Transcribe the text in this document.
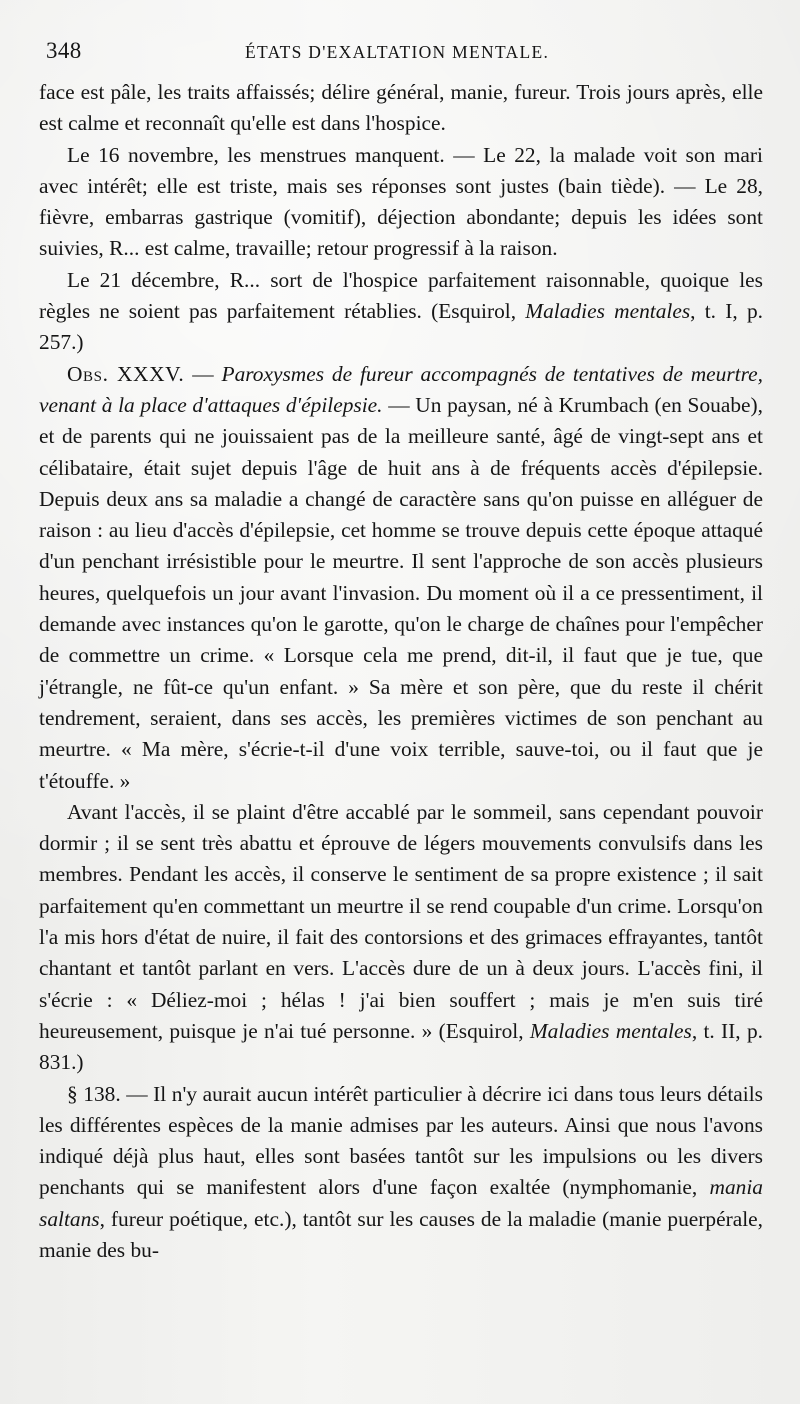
348	ÉTATS D'EXALTATION MENTALE.

face est pâle, les traits affaissés; délire général, manie, fureur. Trois jours après, elle est calme et reconnaît qu'elle est dans l'hospice.

Le 16 novembre, les menstrues manquent. — Le 22, la malade voit son mari avec intérêt; elle est triste, mais ses réponses sont justes (bain tiède). — Le 28, fièvre, embarras gastrique (vomitif), déjection abondante; depuis les idées sont suivies, R... est calme, travaille; retour progressif à la raison.

Le 21 décembre, R... sort de l'hospice parfaitement raisonnable, quoique les règles ne soient pas parfaitement rétablies. (Esquirol, Maladies mentales, t. I, p. 257.)

Obs. XXXV. — Paroxysmes de fureur accompagnés de tentatives de meurtre, venant à la place d'attaques d'épilepsie. — Un paysan, né à Krumbach (en Souabe), et de parents qui ne jouissaient pas de la meilleure santé, âgé de vingt-sept ans et célibataire, était sujet depuis l'âge de huit ans à de fréquents accès d'épilepsie. Depuis deux ans sa maladie a changé de caractère sans qu'on puisse en alléguer de raison : au lieu d'accès d'épilepsie, cet homme se trouve depuis cette époque attaqué d'un penchant irrésistible pour le meurtre. Il sent l'approche de son accès plusieurs heures, quelquefois un jour avant l'invasion. Du moment où il a ce pressentiment, il demande avec instances qu'on le garotte, qu'on le charge de chaînes pour l'empêcher de commettre un crime. « Lorsque cela me prend, dit-il, il faut que je tue, que j'étrangle, ne fût-ce qu'un enfant. » Sa mère et son père, que du reste il chérit tendrement, seraient, dans ses accès, les premières victimes de son penchant au meurtre. « Ma mère, s'écrie-t-il d'une voix terrible, sauve-toi, ou il faut que je t'étouffe. »

Avant l'accès, il se plaint d'être accablé par le sommeil, sans cependant pouvoir dormir ; il se sent très abattu et éprouve de légers mouvements convulsifs dans les membres. Pendant les accès, il conserve le sentiment de sa propre existence ; il sait parfaitement qu'en commettant un meurtre il se rend coupable d'un crime. Lorsqu'on l'a mis hors d'état de nuire, il fait des contorsions et des grimaces effrayantes, tantôt chantant et tantôt parlant en vers. L'accès dure de un à deux jours. L'accès fini, il s'écrie : « Déliez-moi ; hélas ! j'ai bien souffert ; mais je m'en suis tiré heureusement, puisque je n'ai tué personne. » (Esquirol, Maladies mentales, t. II, p. 831.)

§ 138. — Il n'y aurait aucun intérêt particulier à décrire ici dans tous leurs détails les différentes espèces de la manie admises par les auteurs. Ainsi que nous l'avons indiqué déjà plus haut, elles sont basées tantôt sur les impulsions ou les divers penchants qui se manifestent alors d'une façon exaltée (nymphomanie, mania saltans, fureur poétique, etc.), tantôt sur les causes de la maladie (manie puerpérale, manie des bu-
